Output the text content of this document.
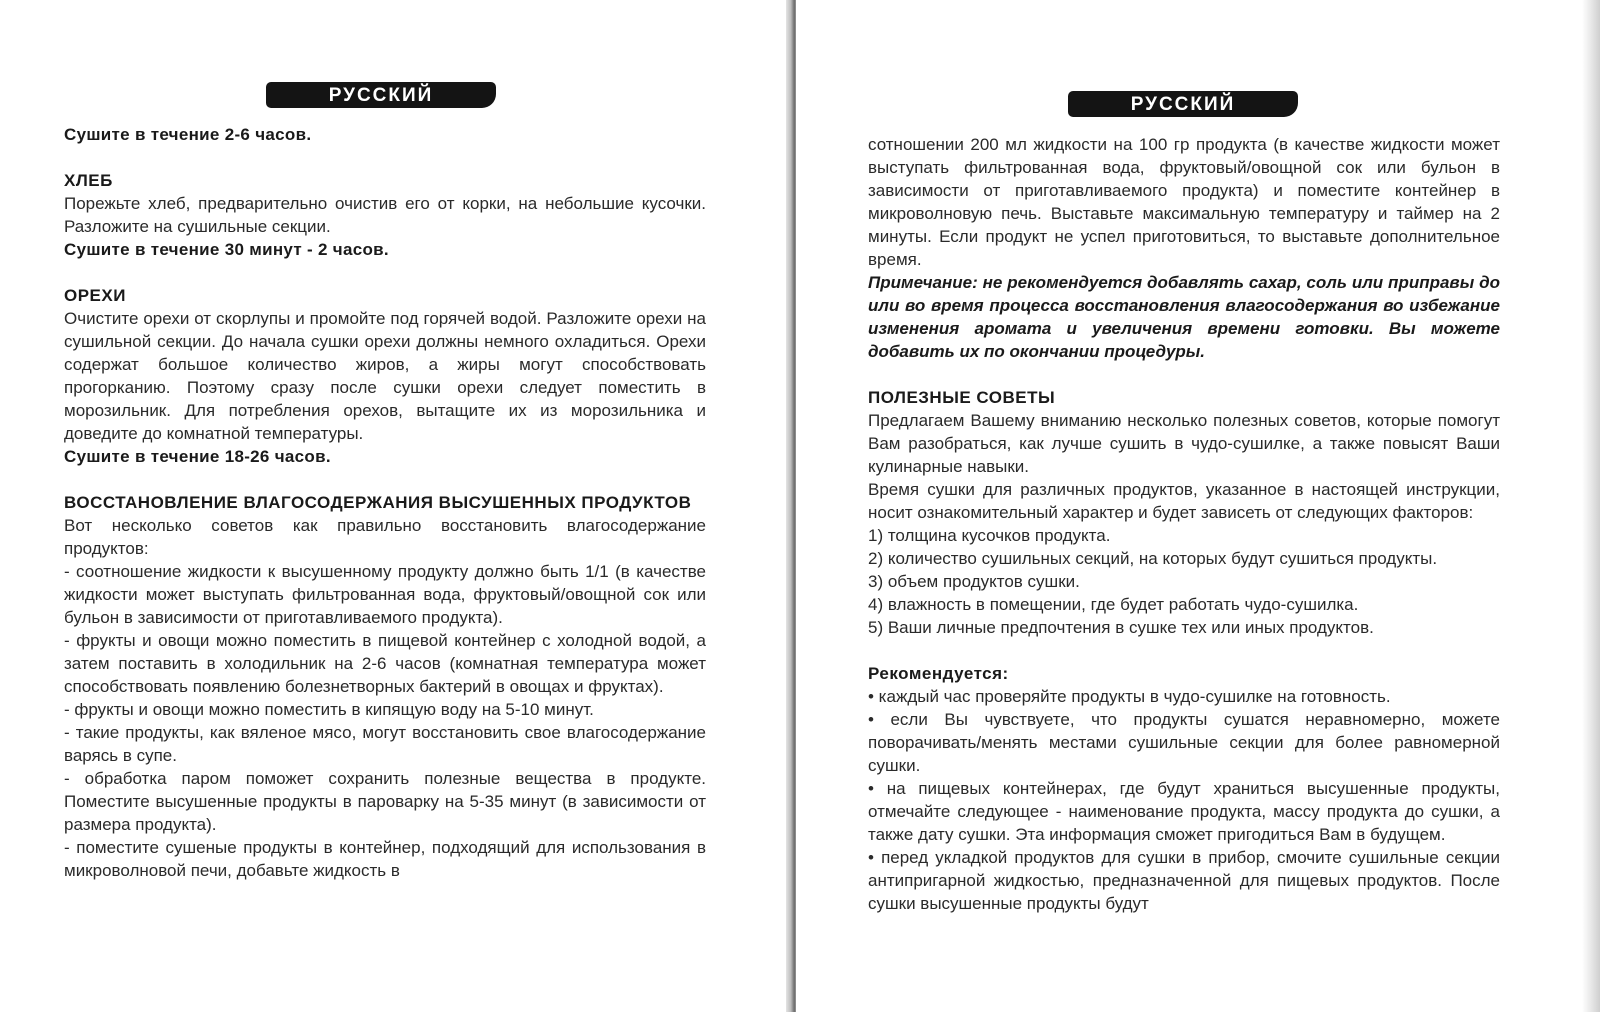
РУССКИЙ

Сушите в течение 2-6 часов.

ХЛЕБ

Порежьте хлеб, предварительно очистив его от корки, на небольшие кусочки. Разложите на сушильные секции.

Сушите в течение 30 минут - 2 часов.

ОРЕХИ

Очистите орехи от скорлупы и промойте под горячей водой. Разложите орехи на сушильной секции. До начала сушки орехи должны немного охладиться. Орехи содержат большое количество жиров, а жиры могут способствовать прогорканию. Поэтому сразу после сушки орехи следует поместить в морозильник. Для потребления орехов, вытащите их из морозильника и доведите до комнатной температуры.

Сушите в течение 18-26 часов.

ВОССТАНОВЛЕНИЕ ВЛАГОСОДЕРЖАНИЯ ВЫСУШЕННЫХ ПРОДУКТОВ

Вот несколько советов как правильно восстановить влагосодержание продуктов:

- соотношение жидкости к высушенному продукту должно быть 1/1 (в качестве жидкости может выступать фильтрованная вода, фруктовый/овощной сок или бульон в зависимости от приготавливаемого продукта).

- фрукты и овощи можно поместить в пищевой контейнер с холодной водой, а затем поставить в холодильник на 2-6 часов (комнатная температура может способствовать появлению болезнетворных бактерий в овощах и фруктах).

- фрукты и овощи можно поместить в кипящую воду на 5-10 минут.

- такие продукты, как вяленое мясо, могут восстановить свое влагосодержание варясь в супе.

- обработка паром поможет сохранить полезные вещества в продукте. Поместите высушенные продукты в пароварку на 5-35 минут (в зависимости от размера продукта).

- поместите сушеные продукты в контейнер, подходящий для использования в микроволновой печи, добавьте жидкость в

РУССКИЙ

сотношении 200 мл жидкости на 100 гр продукта (в качестве жидкости может выступать фильтрованная вода, фруктовый/овощной сок или бульон в зависимости от приготавливаемого продукта) и поместите контейнер в микроволновую печь. Выставьте максимальную температуру и таймер на 2 минуты. Если продукт не успел приготовиться, то выставьте дополнительное время.

Примечание: не рекомендуется добавлять сахар, соль или приправы до или во время процесса восстановления влагосодержания во избежание изменения аромата и увеличения времени готовки. Вы можете добавить их по окончании процедуры.

ПОЛЕЗНЫЕ СОВЕТЫ

Предлагаем Вашему вниманию несколько полезных советов, которые помогут Вам разобраться, как лучше сушить в чудо-сушилке, а также повысят Ваши кулинарные навыки.

Время сушки для различных продуктов, указанное в настоящей инструкции, носит ознакомительный характер и будет зависеть от следующих факторов:

1) толщина кусочков продукта.

2) количество сушильных секций, на которых будут сушиться продукты.

3) объем продуктов сушки.

4) влажность в помещении, где будет работать чудо-сушилка.

5) Ваши личные предпочтения в сушке тех или иных продуктов.

Рекомендуется:

• каждый час проверяйте продукты в чудо-сушилке на готовность.

• если Вы чувствуете, что продукты сушатся неравномерно, можете поворачивать/менять местами сушильные секции для более равномерной сушки.

• на пищевых контейнерах, где будут храниться высушенные продукты, отмечайте следующее - наименование продукта, массу продукта до сушки, а также дату сушки. Эта информация сможет пригодиться Вам в будущем.

• перед укладкой продуктов для сушки в прибор, смочите сушильные секции антипригарной жидкостью, предназначенной для пищевых продуктов. После сушки высушенные продукты будут
